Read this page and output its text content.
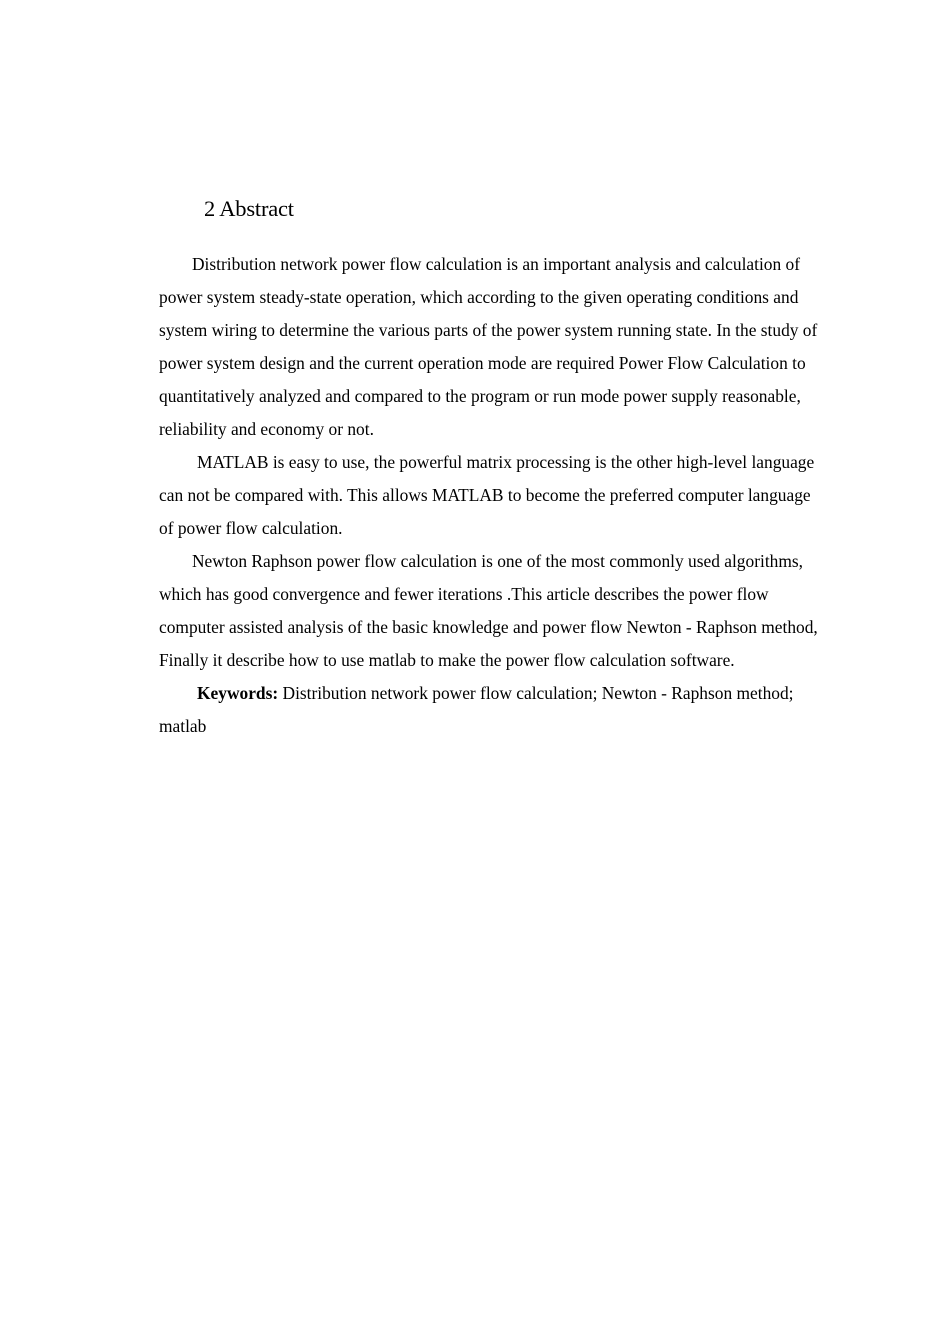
2 Abstract

Distribution network power flow calculation is an important analysis and calculation of
power system steady-state operation, which according to the given operating conditions and
system wiring to determine the various parts of the power system running state. In the study of
power system design and the current operation mode are required Power Flow Calculation to
quantitatively analyzed and compared to the program or run mode power supply reasonable,
reliability and economy or not.

MATLAB is easy to use, the powerful matrix processing is the other high-level language
can not be compared with. This allows MATLAB to become the preferred computer language
of power flow calculation.

Newton Raphson power flow calculation is one of the most commonly used algorithms,
which has good convergence and fewer iterations .This article describes the power flow
computer assisted analysis of the basic knowledge and power flow Newton - Raphson method,
Finally it describe how to use matlab to make the power flow calculation software.

Keywords: Distribution network power flow calculation; Newton - Raphson method;
matlab
